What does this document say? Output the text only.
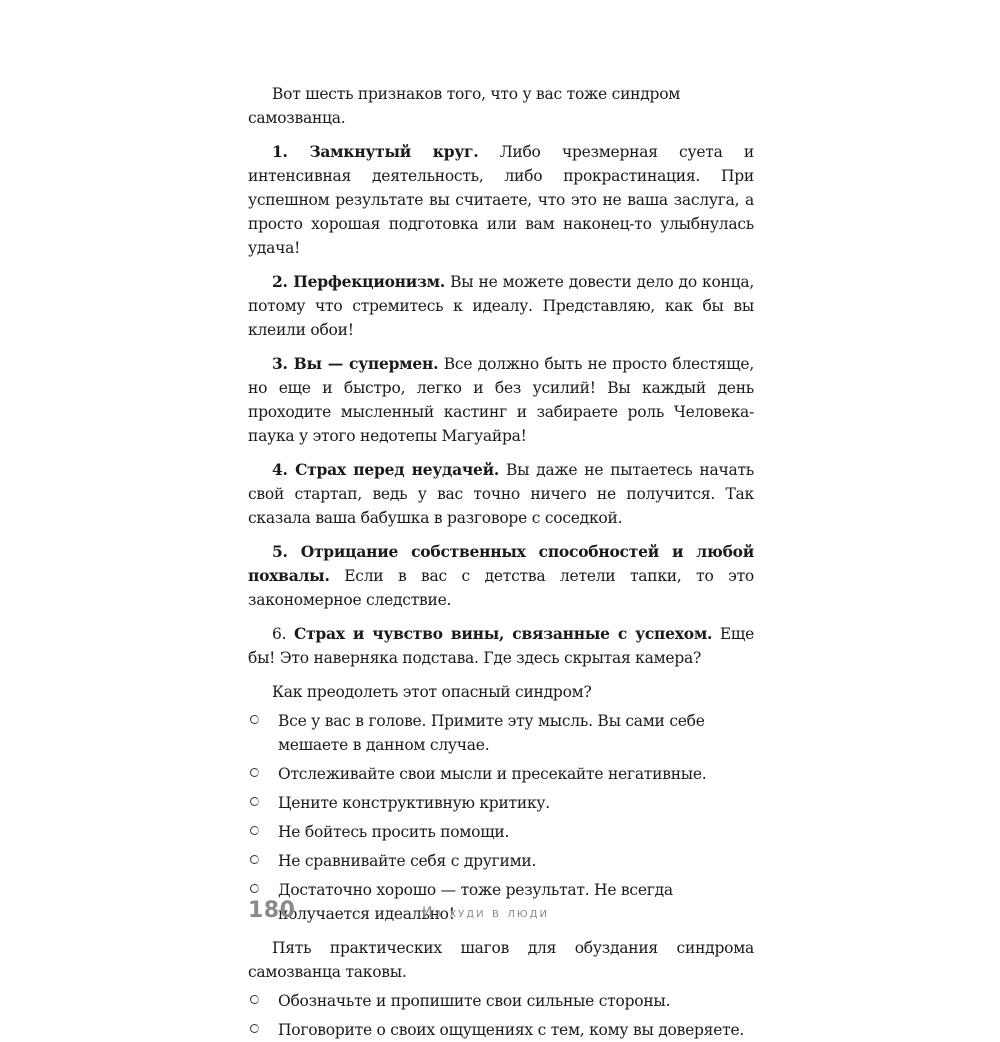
Вот шесть признаков того, что у вас тоже синдром самозванца.

1. Замкнутый круг. Либо чрезмерная суета и интенсивная деятельность, либо прокрастинация. При успешном результате вы считаете, что это не ваша заслуга, а просто хорошая подготовка или вам наконец-то улыбнулась удача!

2. Перфекционизм. Вы не можете довести дело до конца, потому что стремитесь к идеалу. Представляю, как бы вы клеили обои!

3. Вы — супермен. Все должно быть не просто блестяще, но еще и быстро, легко и без усилий! Вы каждый день проходите мысленный кастинг и забираете роль Человека-паука у этого недотепы Магуайра!

4. Страх перед неудачей. Вы даже не пытаетесь начать свой стартап, ведь у вас точно ничего не получится. Так сказала ваша бабушка в разговоре с соседкой.

5. Отрицание собственных способностей и любой похвалы. Если в вас с детства летели тапки, то это закономерное следствие.

6. Страх и чувство вины, связанные с успехом. Еще бы! Это наверняка подстава. Где здесь скрытая камера?

Как преодолеть этот опасный синдром?

Все у вас в голове. Примите эту мысль. Вы сами себе мешаете в данном случае.
Отслеживайте свои мысли и пресекайте негативные.
Цените конструктивную критику.
Не бойтесь просить помощи.
Не сравнивайте себя с другими.
Достаточно хорошо — тоже результат. Не всегда получается идеально!

Пять практических шагов для обуздания синдрома самозванца таковы.

Обозначьте и пропишите свои сильные стороны.
Поговорите о своих ощущениях с тем, кому вы доверяете.
180	Из худи в люди
